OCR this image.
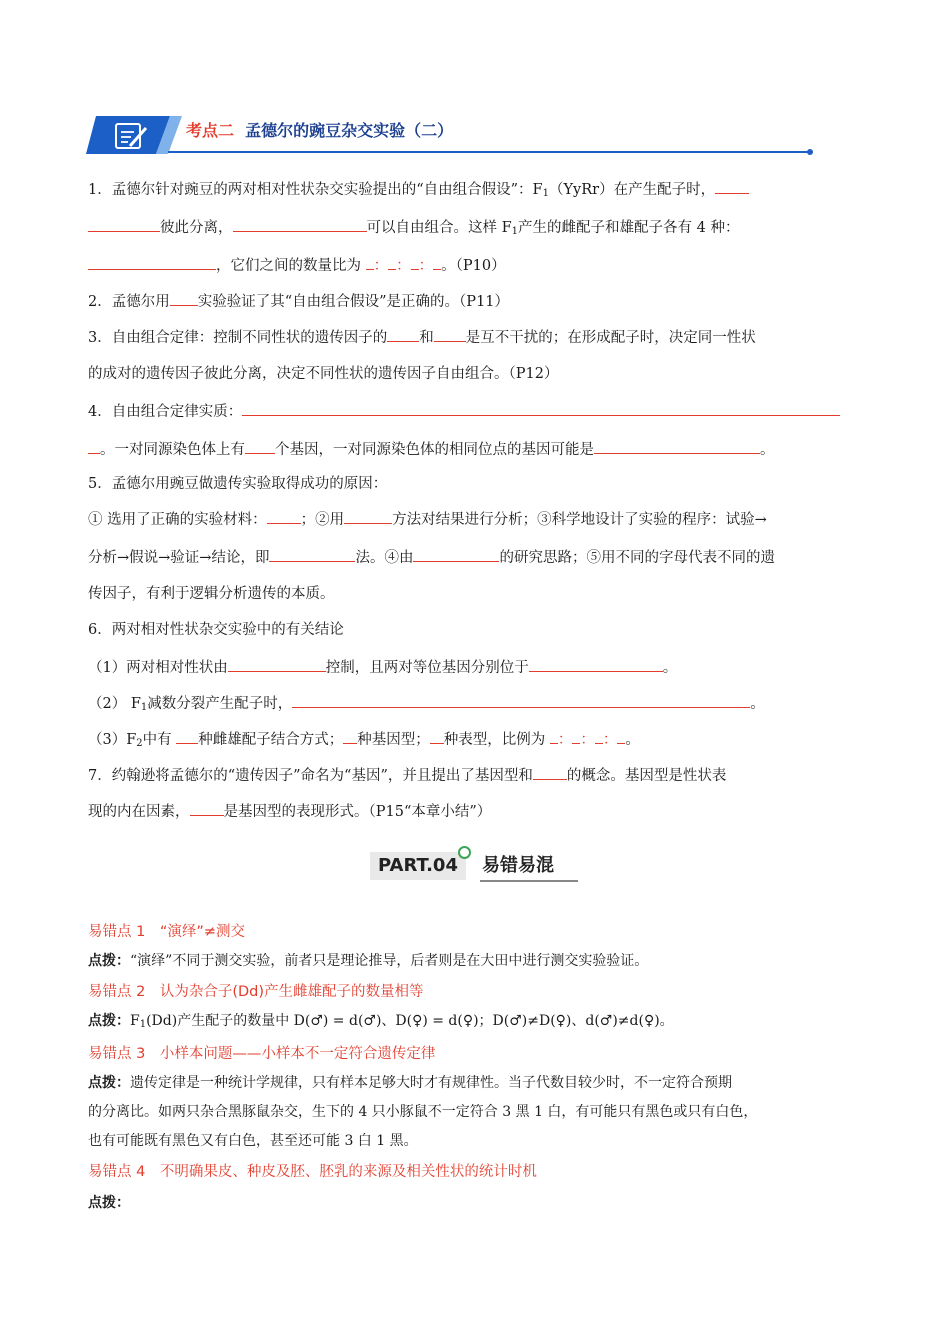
考点二 孟德尔的豌豆杂交实验（二）
1．孟德尔针对豌豆的两对相对性状杂交实验提出的“自由组合假设”：$F_1(YyRr)$在产生配子时，
彼此分离，	可以自由组合。这样 $F_1$产生的雌配子和雄配子各有 4 种：
，它们之间的数量比为 ： ： ： 。（P10）
2．孟德尔用 实验验证了其“自由组合假设”是正确的。（P11）
3．自由组合定律：控制不同性状的遗传因子的 和 是互不干扰的；在形成配子时，决定同一性状
的成对的遗传因子彼此分离，决定不同性状的遗传因子自由组合。（P12）
4．自由组合定律实质：
。一对同源染色体上有 个基因，一对同源染色体的相同位点的基因可能是	。
5．孟德尔用豌豆做遗传实验取得成功的原因：
① 选用了正确的实验材料： ；②用	方法对结果进行分析；③科学地设计了实验的程序：试验→
分析→假说→验证→结论，即	法。④由	的研究思路；⑤用不同的字母代表不同的遗
传因子，有利于逻辑分析遗传的本质。
6．两对相对性状杂交实验中的有关结论
（1）两对相对性状由	控制，且两对等位基因分别位于	。
（2） $F_1$减数分裂产生配子时，	。
$(3)F_2$中有 种雌雄配子结合方式； 种基因型； 种表型，比例为 ： ： ： 。
7．约翰逊将孟德尔的“遗传因子”命名为“基因”，并且提出了基因型和 的概念。基因型是性状表
现的内在因素， 是基因型的表现形式。（P15“本章小结”）
PART.04	易错易混
易错点 1　“演绎”≠测交
点拨：“演绎”不同于测交实验，前者只是理论推导，后者则是在大田中进行测交实验验证。
易错点 2　认为杂合子(Dd)产生雌雄配子的数量相等
点拨：$F_1(Dd)$产生配子的数量中 D(♂) = d(♂)、D(♀) = d(♀)；D(♂)≠D(♀)、d(♂)≠d(♀)。
易错点 3　小样本问题——小样本不一定符合遗传定律
点拨：遗传定律是一种统计学规律，只有样本足够大时才有规律性。当子代数目较少时，不一定符合预期
的分离比。如两只杂合黑豚鼠杂交，生下的 4 只小豚鼠不一定符合 3 黑 1 白，有可能只有黑色或只有白色，
也有可能既有黑色又有白色，甚至还可能 3 白 1 黑。
易错点 4　不明确果皮、种皮及胚、胚乳的来源及相关性状的统计时机
点拨：
